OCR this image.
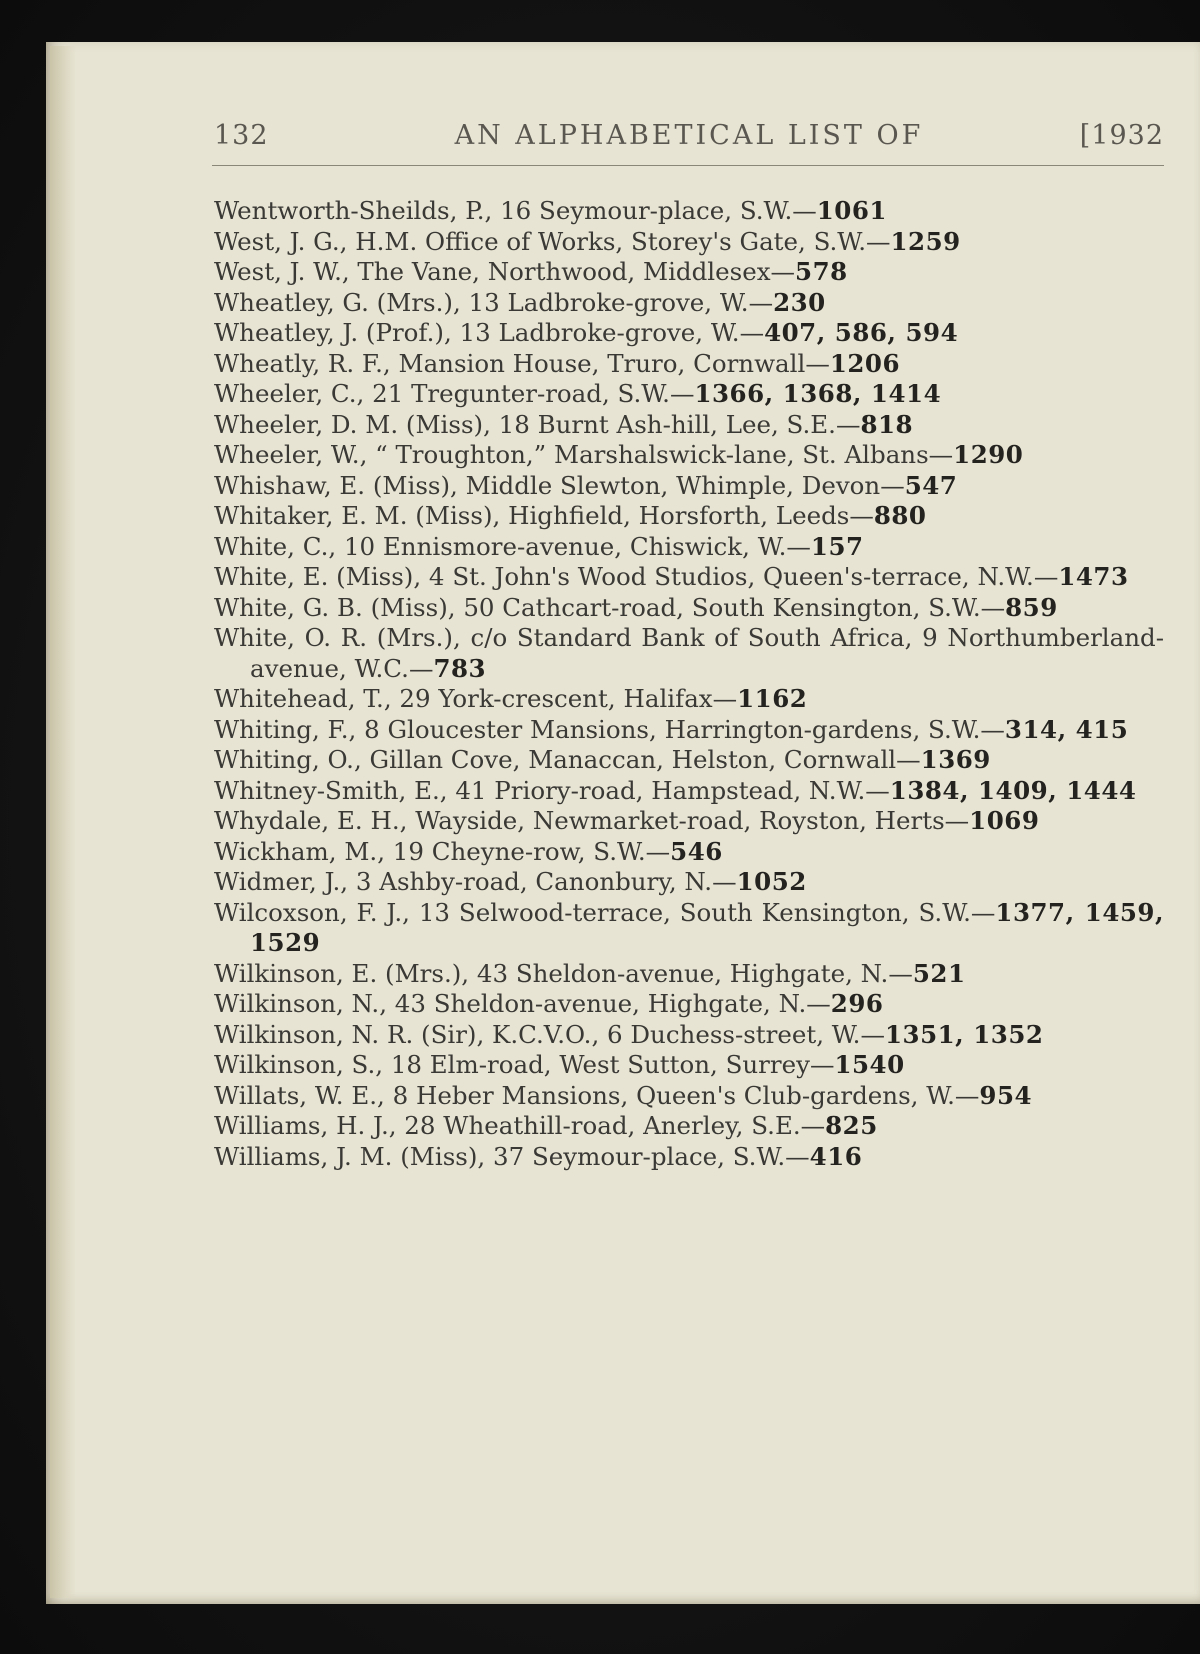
132	AN ALPHABETICAL LIST OF	[1932
Wentworth-Sheilds, P., 16 Seymour-place, S.W.—1061
West, J. G., H.M. Office of Works, Storey's Gate, S.W.—1259
West, J. W., The Vane, Northwood, Middlesex—578
Wheatley, G. (Mrs.), 13 Ladbroke-grove, W.—230
Wheatley, J. (Prof.), 13 Ladbroke-grove, W.—407, 586, 594
Wheatly, R. F., Mansion House, Truro, Cornwall—1206
Wheeler, C., 21 Tregunter-road, S.W.—1366, 1368, 1414
Wheeler, D. M. (Miss), 18 Burnt Ash-hill, Lee, S.E.—818
Wheeler, W., “ Troughton,” Marshalswick-lane, St. Albans—1290
Whishaw, E. (Miss), Middle Slewton, Whimple, Devon—547
Whitaker, E. M. (Miss), Highfield, Horsforth, Leeds—880
White, C., 10 Ennismore-avenue, Chiswick, W.—157
White, E. (Miss), 4 St. John's Wood Studios, Queen's-terrace, N.W.—1473
White, G. B. (Miss), 50 Cathcart-road, South Kensington, S.W.—859
White, O. R. (Mrs.), c/o Standard Bank of South Africa, 9 Northumberland-avenue, W.C.—783
Whitehead, T., 29 York-crescent, Halifax—1162
Whiting, F., 8 Gloucester Mansions, Harrington-gardens, S.W.—314, 415
Whiting, O., Gillan Cove, Manaccan, Helston, Cornwall—1369
Whitney-Smith, E., 41 Priory-road, Hampstead, N.W.—1384, 1409, 1444
Whydale, E. H., Wayside, Newmarket-road, Royston, Herts—1069
Wickham, M., 19 Cheyne-row, S.W.—546
Widmer, J., 3 Ashby-road, Canonbury, N.—1052
Wilcoxson, F. J., 13 Selwood-terrace, South Kensington, S.W.—1377, 1459, 1529
Wilkinson, E. (Mrs.), 43 Sheldon-avenue, Highgate, N.—521
Wilkinson, N., 43 Sheldon-avenue, Highgate, N.—296
Wilkinson, N. R. (Sir), K.C.V.O., 6 Duchess-street, W.—1351, 1352
Wilkinson, S., 18 Elm-road, West Sutton, Surrey—1540
Willats, W. E., 8 Heber Mansions, Queen's Club-gardens, W.—954
Williams, H. J., 28 Wheathill-road, Anerley, S.E.—825
Williams, J. M. (Miss), 37 Seymour-place, S.W.—416
